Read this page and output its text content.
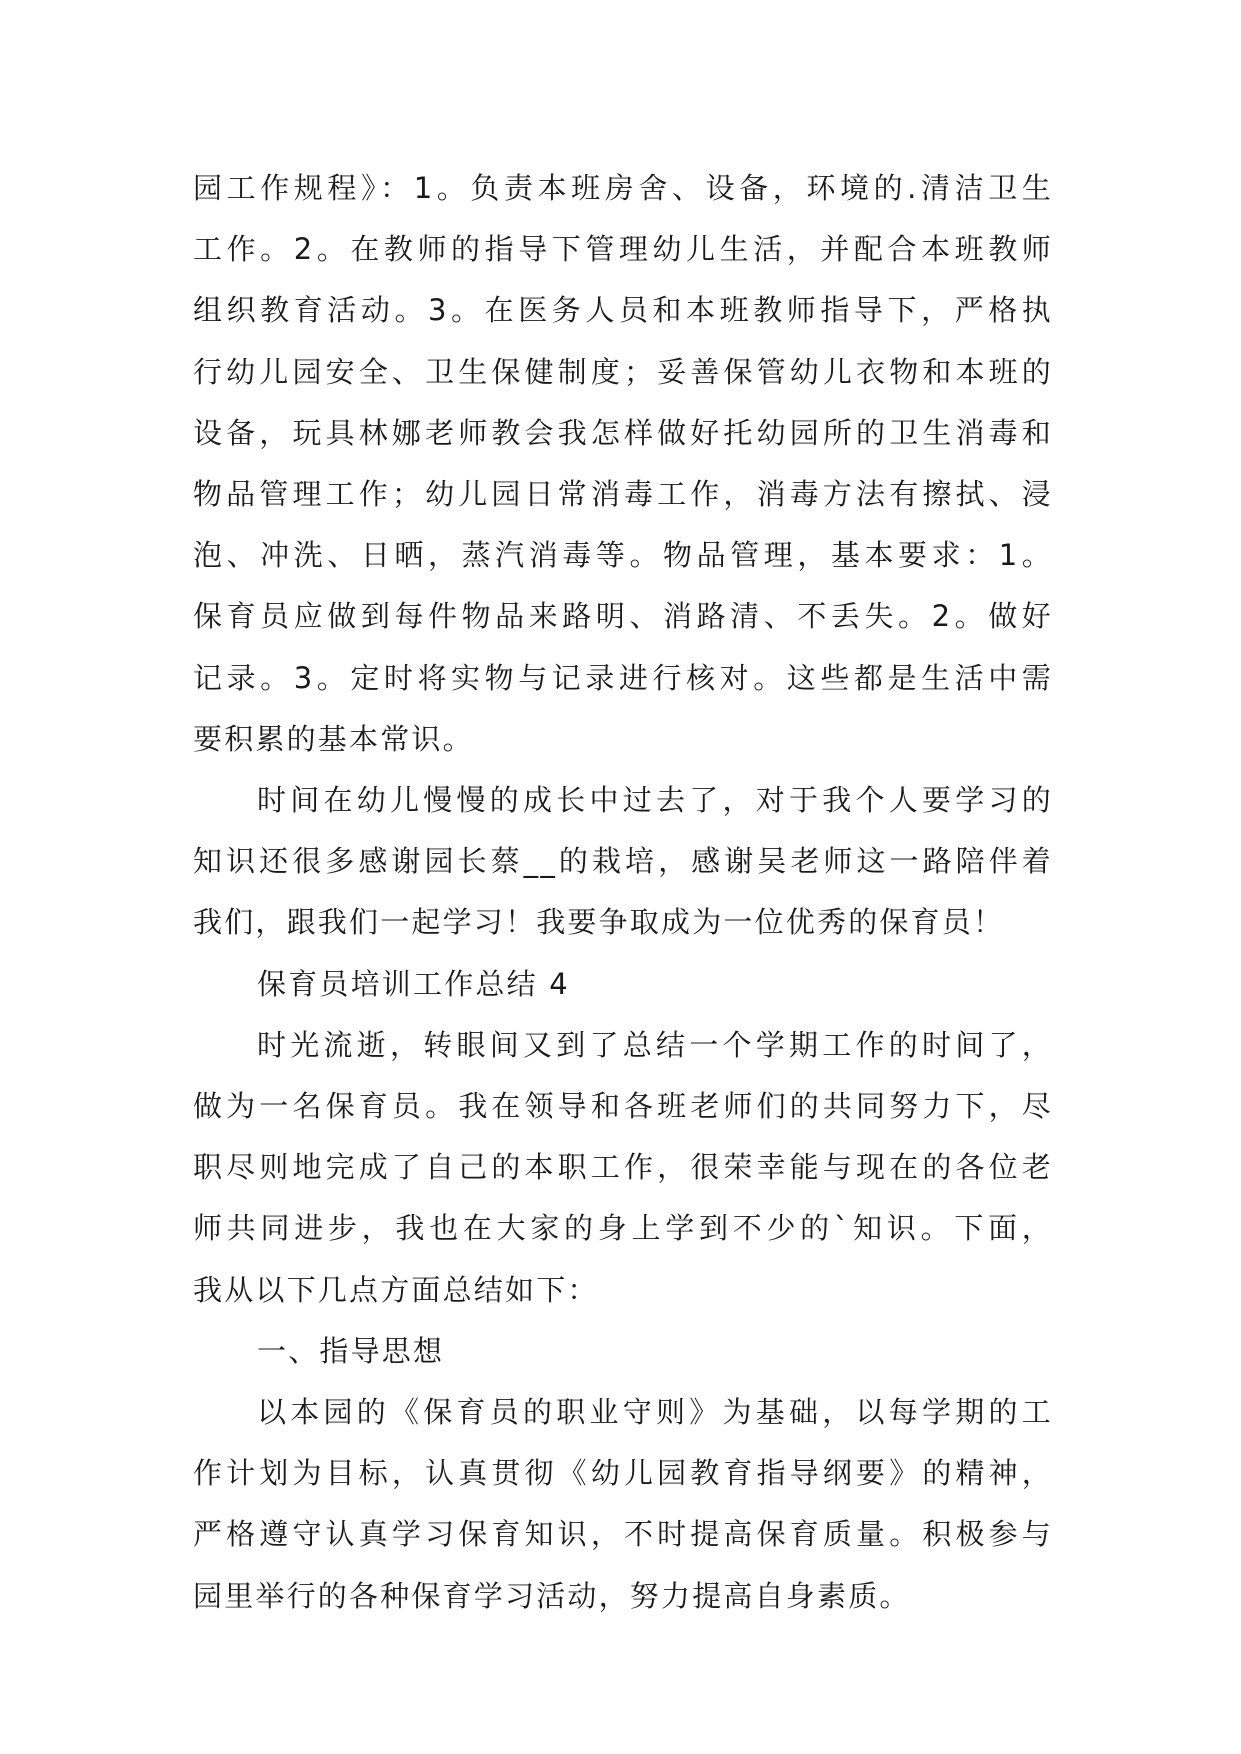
园工作规程》：1。负责本班房舍、设备，环境的.清洁卫生
工作。2。在教师的指导下管理幼儿生活，并配合本班教师
组织教育活动。3。在医务人员和本班教师指导下，严格执
行幼儿园安全、卫生保健制度；妥善保管幼儿衣物和本班的
设备，玩具林娜老师教会我怎样做好托幼园所的卫生消毒和
物品管理工作；幼儿园日常消毒工作，消毒方法有擦拭、浸
泡、冲洗、日晒，蒸汽消毒等。物品管理，基本要求：1。
保育员应做到每件物品来路明、消路清、不丢失。2。做好
记录。3。定时将实物与记录进行核对。这些都是生活中需
要积累的基本常识。
时间在幼儿慢慢的成长中过去了，对于我个人要学习的
知识还很多感谢园长蔡__的栽培，感谢吴老师这一路陪伴着
我们，跟我们一起学习！我要争取成为一位优秀的保育员！
保育员培训工作总结 4
时光流逝，转眼间又到了总结一个学期工作的时间了，
做为一名保育员。我在领导和各班老师们的共同努力下，尽
职尽则地完成了自己的本职工作，很荣幸能与现在的各位老
师共同进步，我也在大家的身上学到不少的`知识。下面，
我从以下几点方面总结如下：
一、指导思想
以本园的《保育员的职业守则》为基础，以每学期的工
作计划为目标，认真贯彻《幼儿园教育指导纲要》的精神，
严格遵守认真学习保育知识，不时提高保育质量。积极参与
园里举行的各种保育学习活动，努力提高自身素质。
